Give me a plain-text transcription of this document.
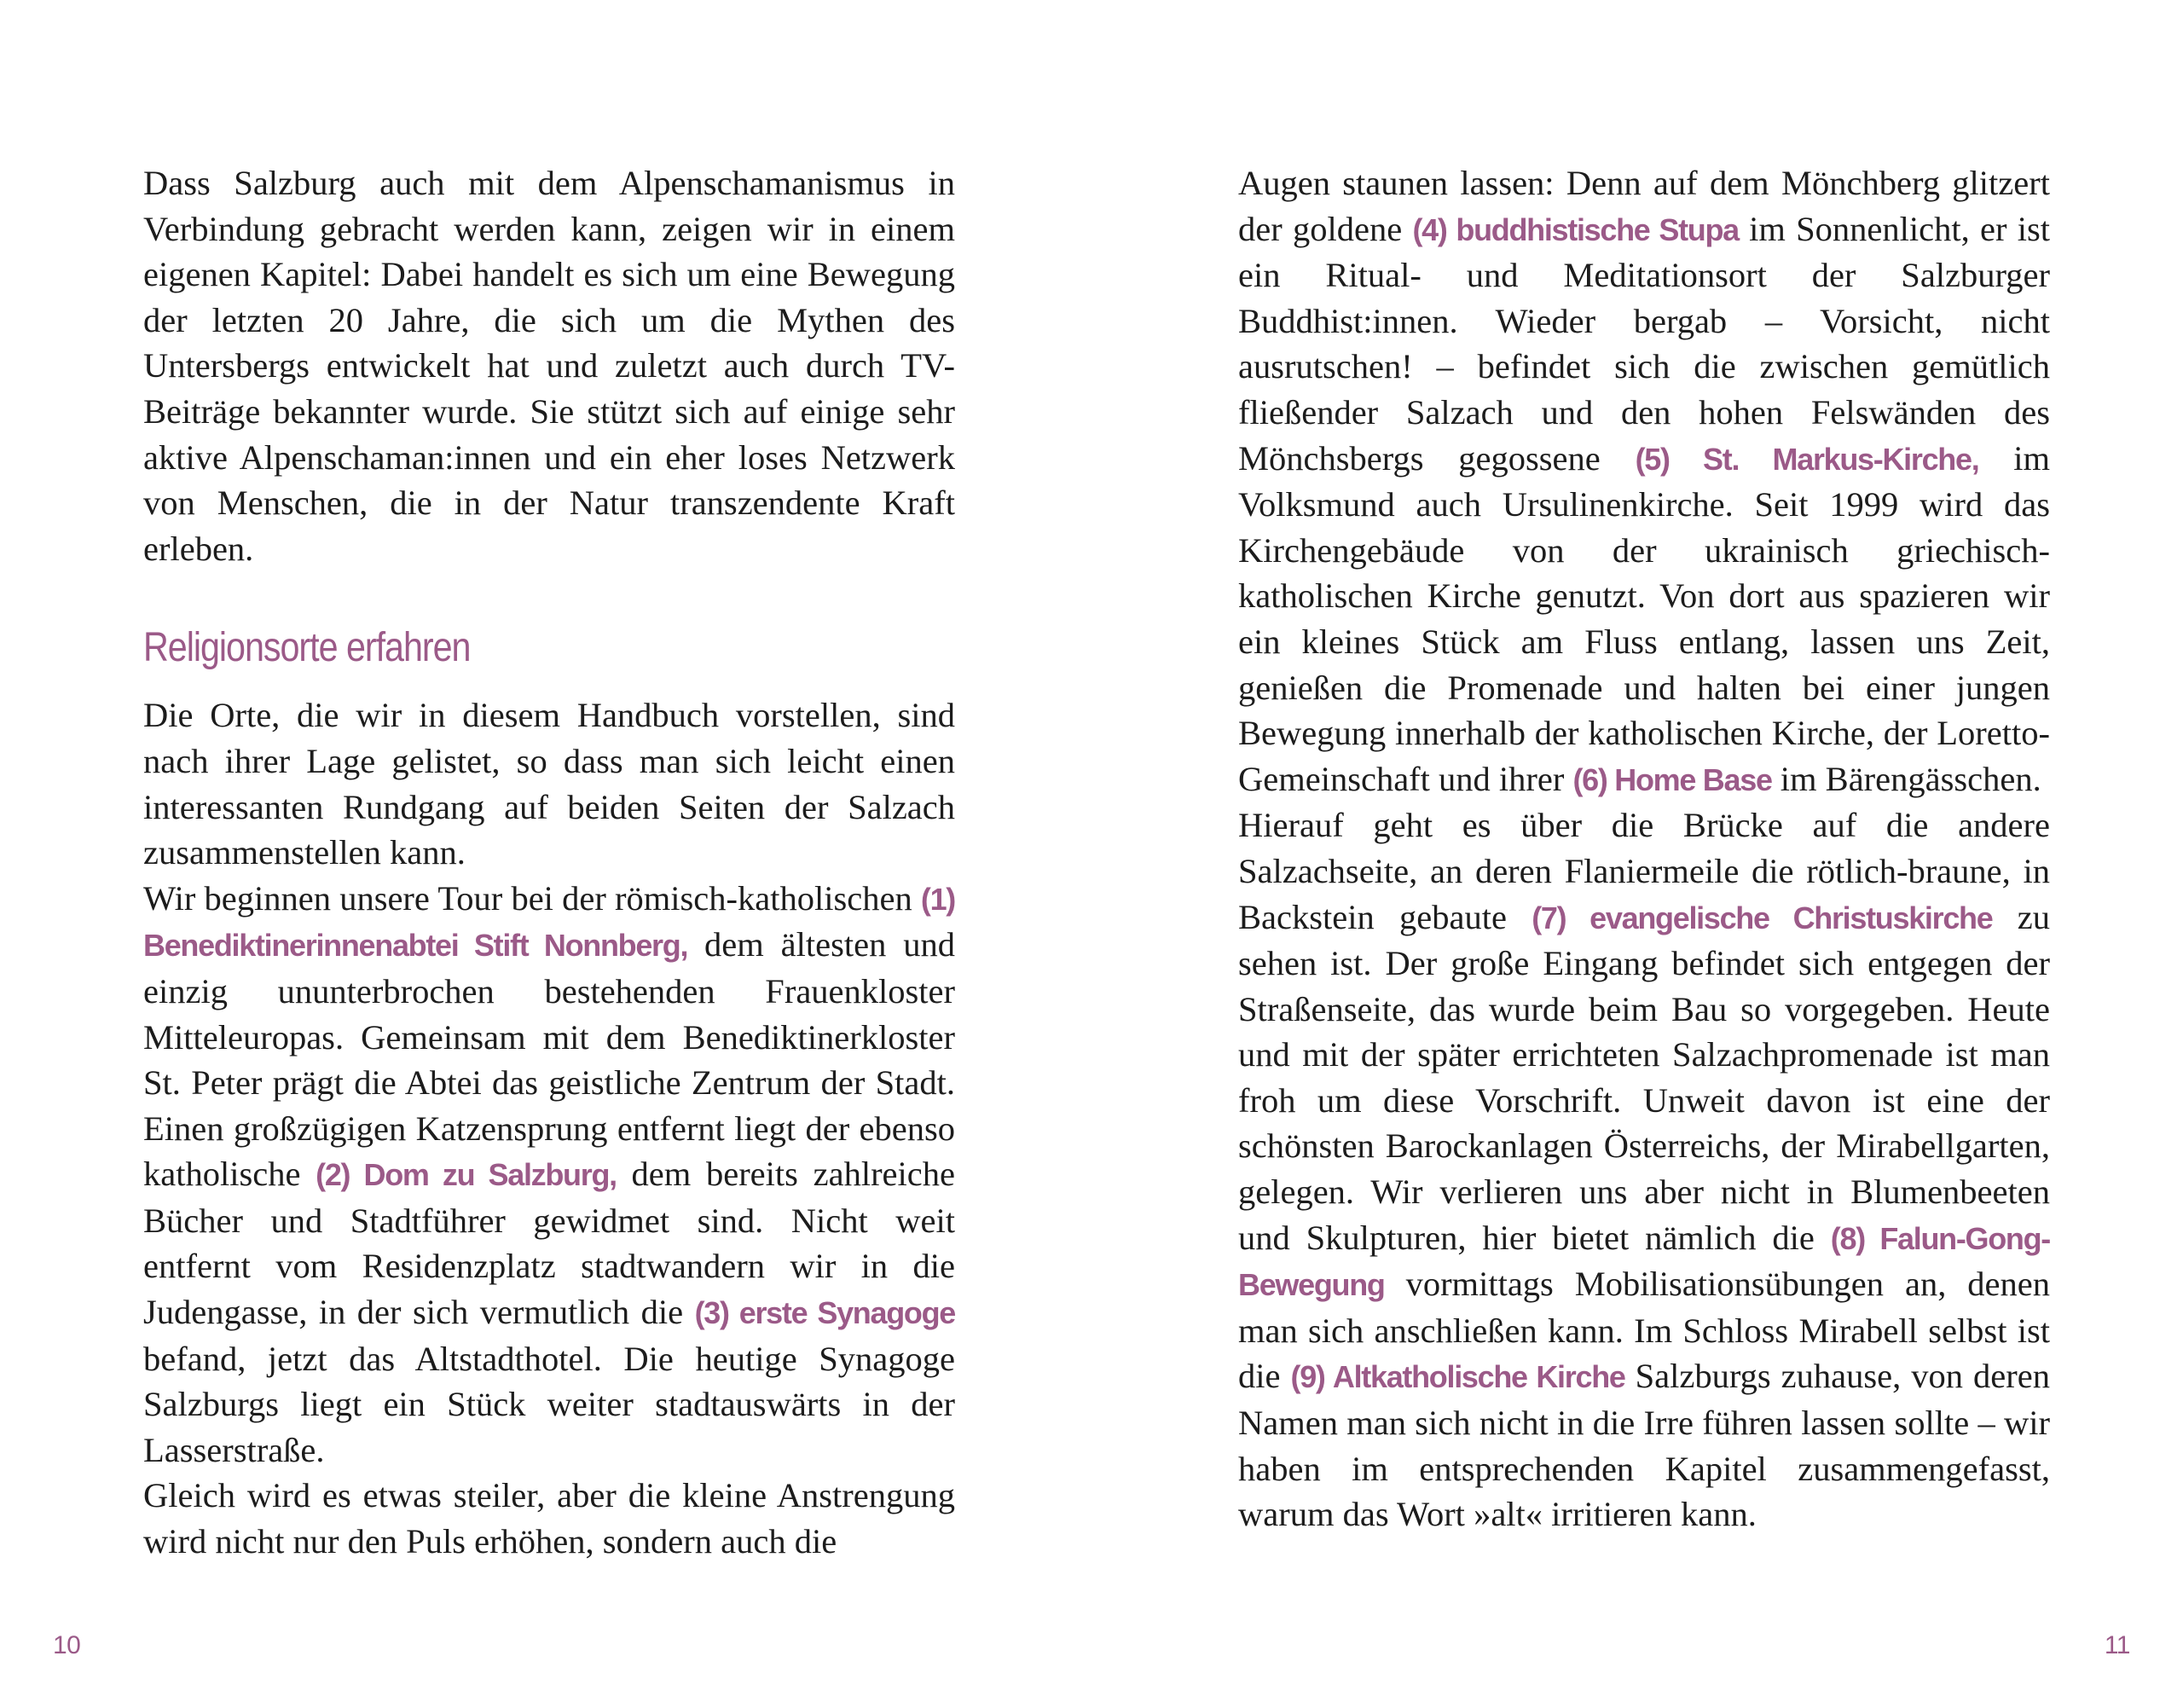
Dass Salzburg auch mit dem Alpenschamanismus in Verbindung gebracht werden kann, zeigen wir in einem eigenen Kapitel: Dabei handelt es sich um eine Bewegung der letzten 20 Jahre, die sich um die Mythen des Untersbergs entwickelt hat und zuletzt auch durch TV-Beiträge bekannter wurde. Sie stützt sich auf einige sehr aktive Alpenschaman:innen und ein eher loses Netzwerk von Menschen, die in der Natur transzendente Kraft erleben.

Religionsorte erfahren

Die Orte, die wir in diesem Handbuch vorstellen, sind nach ihrer Lage gelistet, so dass man sich leicht einen interessanten Rundgang auf beiden Seiten der Salzach zusammenstellen kann.

Wir beginnen unsere Tour bei der römisch-katholischen (1) Benediktinerinnenabtei Stift Nonnberg, dem ältesten und einzig ununterbrochen bestehenden Frauenkloster Mitteleuropas. Gemeinsam mit dem Benediktinerkloster St. Peter prägt die Abtei das geistliche Zentrum der Stadt. Einen großzügigen Katzensprung entfernt liegt der ebenso katholische (2) Dom zu Salzburg, dem bereits zahlreiche Bücher und Stadtführer gewidmet sind. Nicht weit entfernt vom Residenzplatz stadtwandern wir in die Judengasse, in der sich vermutlich die (3) erste Synagoge befand, jetzt das Altstadthotel. Die heutige Synagoge Salzburgs liegt ein Stück weiter stadtauswärts in der Lasserstraße.

Gleich wird es etwas steiler, aber die kleine Anstrengung wird nicht nur den Puls erhöhen, sondern auch die

10

Augen staunen lassen: Denn auf dem Mönchberg glitzert der goldene (4) buddhistische Stupa im Sonnenlicht, er ist ein Ritual- und Meditationsort der Salzburger Buddhist:innen. Wieder bergab – Vorsicht, nicht ausrutschen! – befindet sich die zwischen gemütlich fließender Salzach und den hohen Felswänden des Mönchsbergs gegossene (5) St. Markus-Kirche, im Volksmund auch Ursulinenkirche. Seit 1999 wird das Kirchengebäude von der ukrainisch griechisch-katholischen Kirche genutzt. Von dort aus spazieren wir ein kleines Stück am Fluss entlang, lassen uns Zeit, genießen die Promenade und halten bei einer jungen Bewegung innerhalb der katholischen Kirche, der Loretto-Gemeinschaft und ihrer (6) Home Base im Bärengässchen.

Hierauf geht es über die Brücke auf die andere Salzachseite, an deren Flaniermeile die rötlich-braune, in Backstein gebaute (7) evangelische Christuskirche zu sehen ist. Der große Eingang befindet sich entgegen der Straßenseite, das wurde beim Bau so vorgegeben. Heute und mit der später errichteten Salzachpromenade ist man froh um diese Vorschrift. Unweit davon ist eine der schönsten Barockanlagen Österreichs, der Mirabellgarten, gelegen. Wir verlieren uns aber nicht in Blumenbeeten und Skulpturen, hier bietet nämlich die (8) Falun-Gong-Bewegung vormittags Mobilisationsübungen an, denen man sich anschließen kann. Im Schloss Mirabell selbst ist die (9) Altkatholische Kirche Salzburgs zuhause, von deren Namen man sich nicht in die Irre führen lassen sollte – wir haben im entsprechenden Kapitel zusammengefasst, warum das Wort »alt« irritieren kann.

11
